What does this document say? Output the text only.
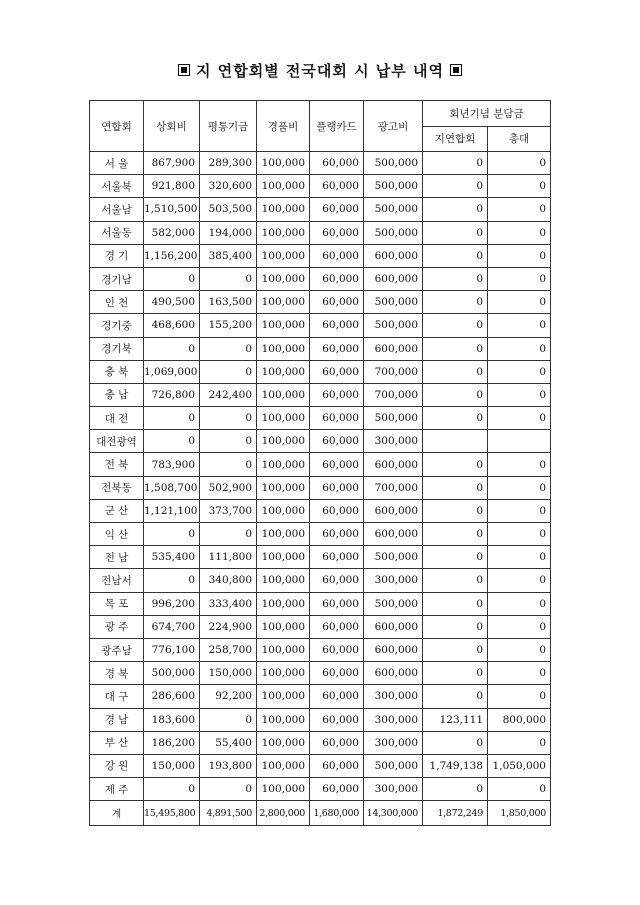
지 연합회별 전국대회 시 납부 내역
연합회	상회비	평통기금	경품비	플랭카드	광고비	회년기념 분담금	
						지연합회	총대
서 울	867,900	289,300	100,000	60,000	500,000	0	0
서울북	921,800	320,600	100,000	60,000	500,000	0	0
서울남	1,510,500	503,500	100,000	60,000	500,000	0	0
서울동	582,000	194,000	100,000	60,000	500,000	0	0
경 기	1,156,200	385,400	100,000	60,000	600,000	0	0
경기남	0	0	100,000	60,000	600,000	0	0
인 천	490,500	163,500	100,000	60,000	500,000	0	0
경기중	468,600	155,200	100,000	60,000	500,000	0	0
경기북	0	0	100,000	60,000	600,000	0	0
충 북	1,069,000	0	100,000	60,000	700,000	0	0
충 남	726,800	242,400	100,000	60,000	700,000	0	0
대 전	0	0	100,000	60,000	500,000	0	0
대전광역	0	0	100,000	60,000	300,000		
전 북	783,900	0	100,000	60,000	600,000	0	0
전북동	1,508,700	502,900	100,000	60,000	700,000	0	0
군 산	1,121,100	373,700	100,000	60,000	600,000	0	0
익 산	0	0	100,000	60,000	600,000	0	0
전 남	535,400	111,800	100,000	60,000	500,000	0	0
전남서	0	340,800	100,000	60,000	300,000	0	0
목 포	996,200	333,400	100,000	60,000	500,000	0	0
광 주	674,700	224,900	100,000	60,000	600,000	0	0
광주남	776,100	258,700	100,000	60,000	600,000	0	0
경 북	500,000	150,000	100,000	60,000	600,000	0	0
대 구	286,600	92,200	100,000	60,000	300,000	0	0
경 남	183,600	0	100,000	60,000	300,000	123,111	800,000
부 산	186,200	55,400	100,000	60,000	300,000	0	0
강 원	150,000	193,800	100,000	60,000	500,000	1,749,138	1,050,000
제 주	0	0	100,000	60,000	300,000	0	0
계	15,495,800	4,891,500	2,800,000	1,680,000	14,300,000	1,872,249	1,850,000
